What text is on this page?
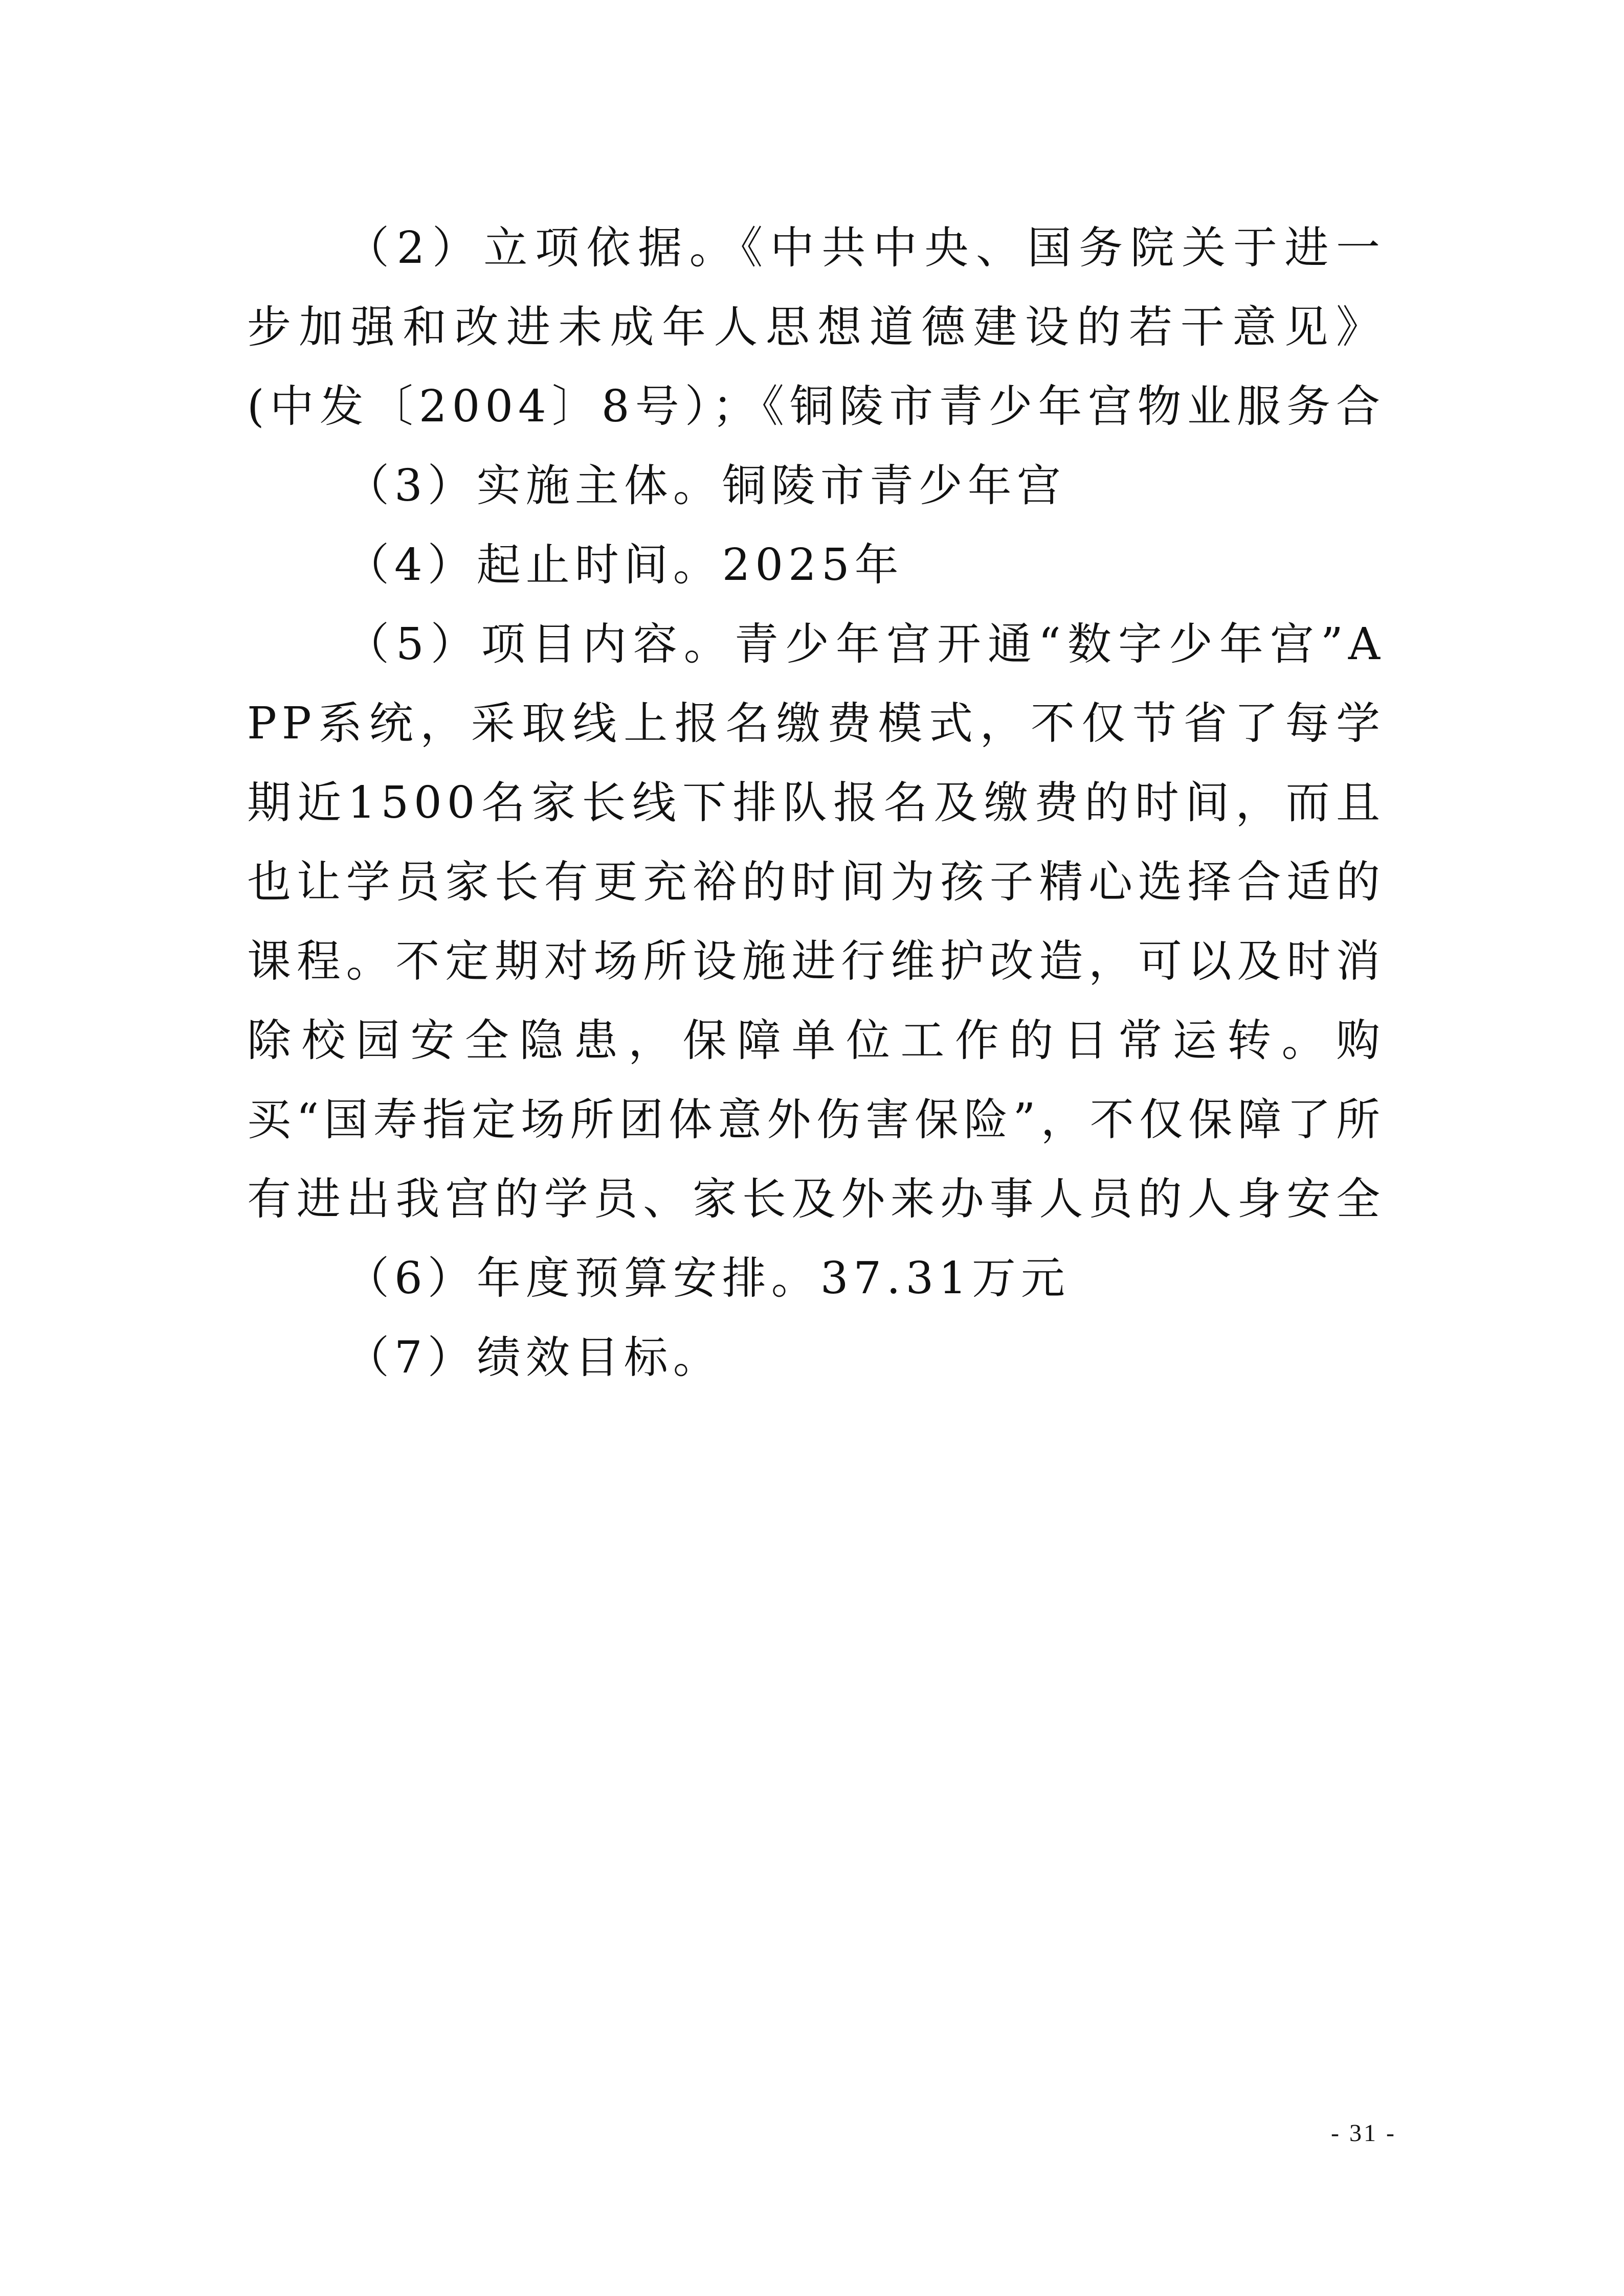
（2）立项依据。《中共中央、国务院关于进一步加强和改进未成年人思想道德建设的若干意见》(中发〔2004〕8号）；《铜陵市青少年宫物业服务合

（3）实施主体。铜陵市青少年宫

（4）起止时间。2025年

（5）项目内容。青少年宫开通“数字少年宫”APP系统，采取线上报名缴费模式，不仅节省了每学期近1500名家长线下排队报名及缴费的时间，而且也让学员家长有更充裕的时间为孩子精心选择合适的课程。不定期对场所设施进行维护改造，可以及时消除校园安全隐患，保障单位工作的日常运转。购买“国寿指定场所团体意外伤害保险”，不仅保障了所有进出我宫的学员、家长及外来办事人员的人身安全

（6）年度预算安排。37.31万元

（7）绩效目标。

- 31 -
